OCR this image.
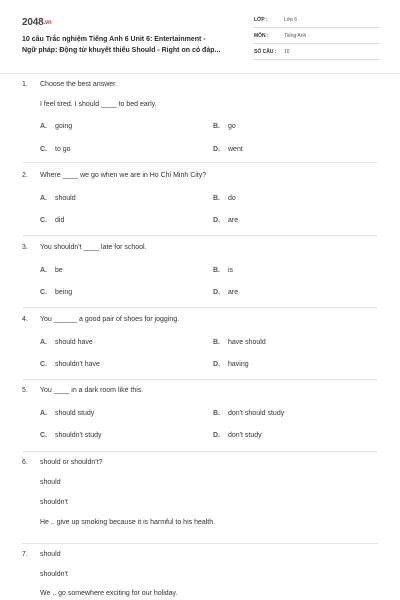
2048.vn
10 câu Trắc nghiệm Tiếng Anh 6 Unit 6: Entertainment -
Ngữ pháp: Động từ khuyết thiếu Should - Right on có đáp...
LỚP :	Lớp 6
MÔN :	Tiếng Anh
SỐ CÂU : 10
1. Choose the best answer.
I feel tired. I should ____ to bed early.
A. going	B. go
C. to go	D. went
2. Where ____ we go when we are in Ho Chi Minh City?
A. should	B. do
C. did	D. are
3. You shouldn't ____ late for school.
A. be	B. is
C. being	D. are
4. You ______ a good pair of shoes for jogging.
A. should have	B. have should
C. shouldn't have	D. having
5. You ____ in a dark room like this.
A. should study	B. don't should study
C. shouldn't study	D. don't study
6. should or shouldn't?
should
shouldn't
He .. give up smoking because it is harmful to his health.
7. should
shouldn't
We .. go somewhere exciting for our holiday.
